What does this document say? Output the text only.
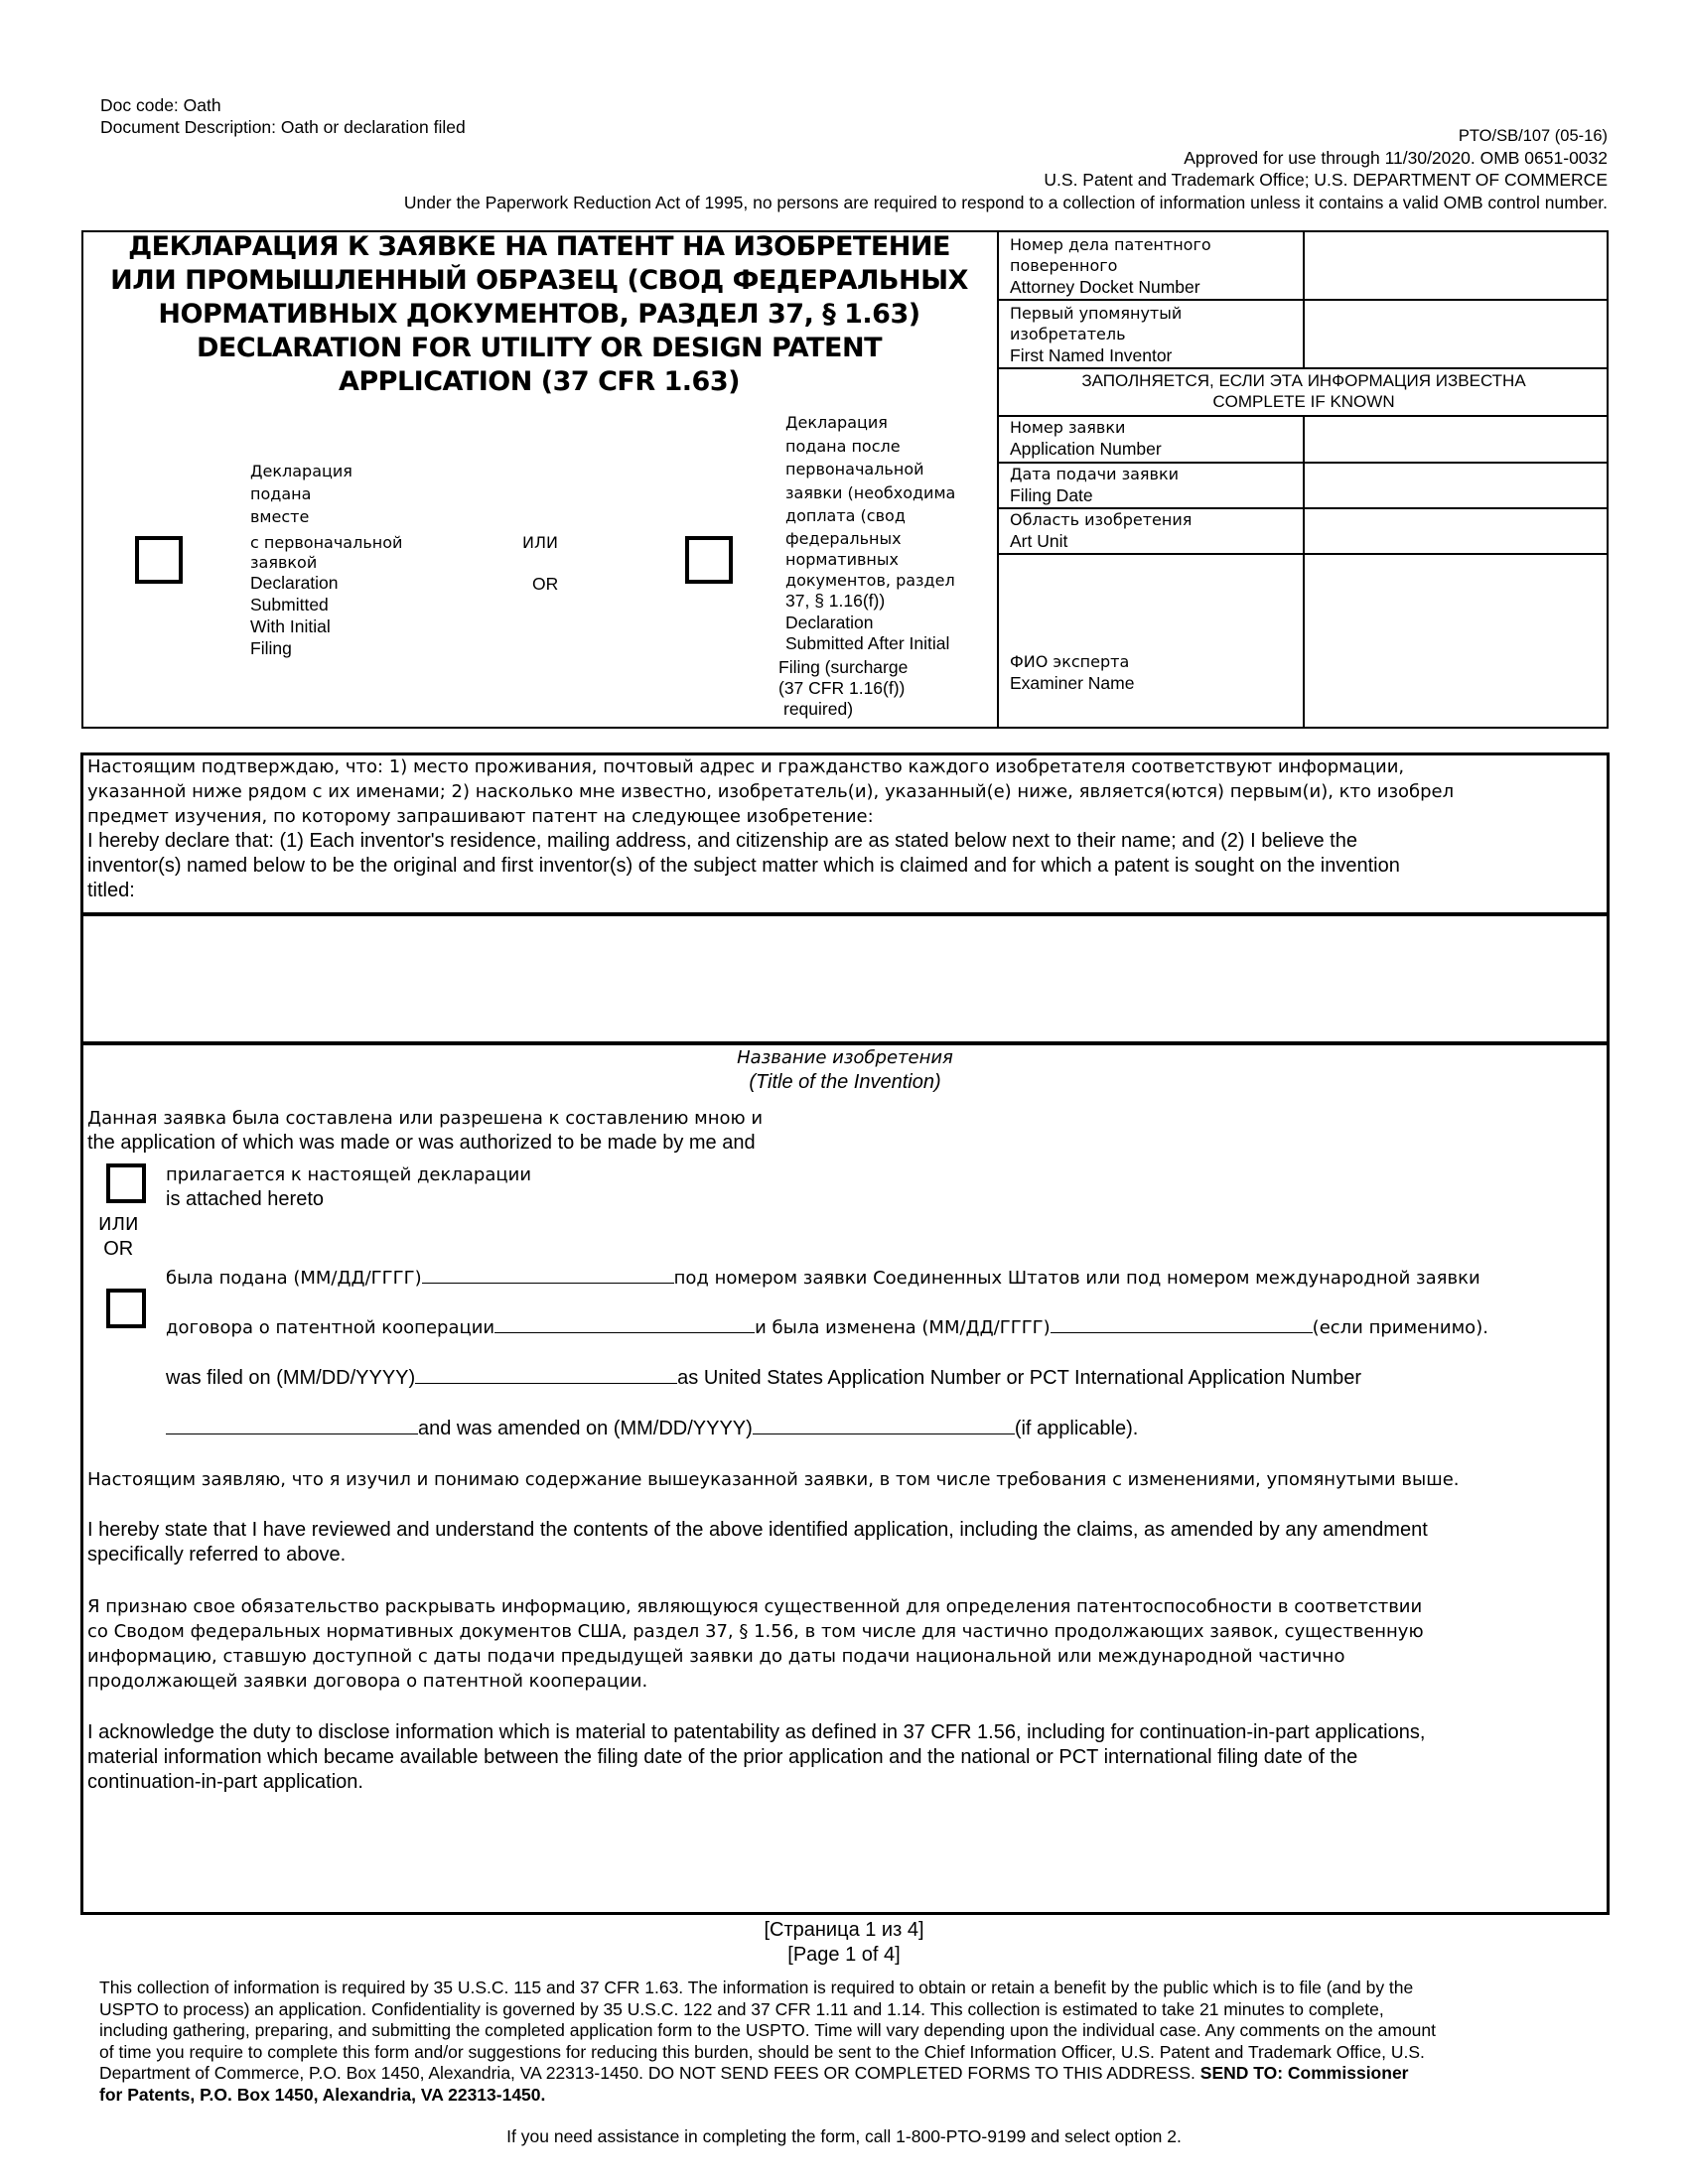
Doc code: Oath
Document Description: Oath or declaration filed	PTO/SB/107 (05-16)
Approved for use through 11/30/2020. OMB 0651-0032
U.S. Patent and Trademark Office; U.S. DEPARTMENT OF COMMERCE
Under the Paperwork Reduction Act of 1995, no persons are required to respond to a collection of information unless it contains a valid OMB control number.
ДЕКЛАРАЦИЯ К ЗАЯВКЕ НА ПАТЕНТ НА ИЗОБРЕТЕНИЕ
ИЛИ ПРОМЫШЛЕННЫЙ ОБРАЗЕЦ (СВОД ФЕДЕРАЛЬНЫХ
НОРМАТИВНЫХ ДОКУМЕНТОВ, РАЗДЕЛ 37, § 1.63)
DECLARATION FOR UTILITY OR DESIGN PATENT
APPLICATION (37 CFR 1.63)
Декларация
подана
вместе
с первоначальной
заявкой
Declaration
Submitted
With Initial
Filing
ИЛИ
OR
Декларация
подана после
первоначальной
заявки (необходима
доплата (свод
федеральных
нормативных
документов, раздел
37, § 1.16(f))
Declaration
Submitted After Initial
Filing (surcharge
(37 CFR 1.16(f))
required)
Номер дела патентного
поверенного
Attorney Docket Number
Первый упомянутый
изобретатель
First Named Inventor
ЗАПОЛНЯЕТСЯ, ЕСЛИ ЭТА ИНФОРМАЦИЯ ИЗВЕСТНА
COMPLETE IF KNOWN
Номер заявки
Application Number
Дата подачи заявки
Filing Date
Область изобретения
Art Unit
ФИО эксперта
Examiner Name
Настоящим подтверждаю, что: 1) место проживания, почтовый адрес и гражданство каждого изобретателя соответствуют информации,
указанной ниже рядом с их именами; 2) насколько мне известно, изобретатель(и), указанный(е) ниже, является(ются) первым(и), кто изобрел
предмет изучения, по которому запрашивают патент на следующее изобретение:
I hereby declare that: (1) Each inventor's residence, mailing address, and citizenship are as stated below next to their name; and (2) I believe the
inventor(s) named below to be the original and first inventor(s) of the subject matter which is claimed and for which a patent is sought on the invention
titled:
Название изобретения
(Title of the Invention)
Данная заявка была составлена или разрешена к составлению мною и
the application of which was made or was authorized to be made by me and
прилагается к настоящей декларации
is attached hereto
ИЛИ
OR
была подана (ММ/ДД/ГГГГ)	под номером заявки Соединенных Штатов или под номером международной заявки
договора о патентной кооперации	и была изменена (ММ/ДД/ГГГГ)	(если применимо).
was filed on (MM/DD/YYYY)	as United States Application Number or PCT International Application Number
and was amended on (MM/DD/YYYY)	(if applicable).
Настоящим заявляю, что я изучил и понимаю содержание вышеуказанной заявки, в том числе требования с изменениями, упомянутыми выше.
I hereby state that I have reviewed and understand the contents of the above identified application, including the claims, as amended by any amendment
specifically referred to above.
Я признаю свое обязательство раскрывать информацию, являющуюся существенной для определения патентоспособности в соответствии
со Сводом федеральных нормативных документов США, раздел 37, § 1.56, в том числе для частично продолжающих заявок, существенную
информацию, ставшую доступной с даты подачи предыдущей заявки до даты подачи национальной или международной частично
продолжающей заявки договора о патентной кооперации.
I acknowledge the duty to disclose information which is material to patentability as defined in 37 CFR 1.56, including for continuation-in-part applications,
material information which became available between the filing date of the prior application and the national or PCT international filing date of the
continuation-in-part application.
[Страница 1 из 4]
[Page 1 of 4]
This collection of information is required by 35 U.S.C. 115 and 37 CFR 1.63. The information is required to obtain or retain a benefit by the public which is to file (and by the
USPTO to process) an application. Confidentiality is governed by 35 U.S.C. 122 and 37 CFR 1.11 and 1.14. This collection is estimated to take 21 minutes to complete,
including gathering, preparing, and submitting the completed application form to the USPTO. Time will vary depending upon the individual case. Any comments on the amount
of time you require to complete this form and/or suggestions for reducing this burden, should be sent to the Chief Information Officer, U.S. Patent and Trademark Office, U.S.
Department of Commerce, P.O. Box 1450, Alexandria, VA 22313-1450. DO NOT SEND FEES OR COMPLETED FORMS TO THIS ADDRESS. SEND TO: Commissioner
for Patents, P.O. Box 1450, Alexandria, VA 22313-1450.
If you need assistance in completing the form, call 1-800-PTO-9199 and select option 2.
